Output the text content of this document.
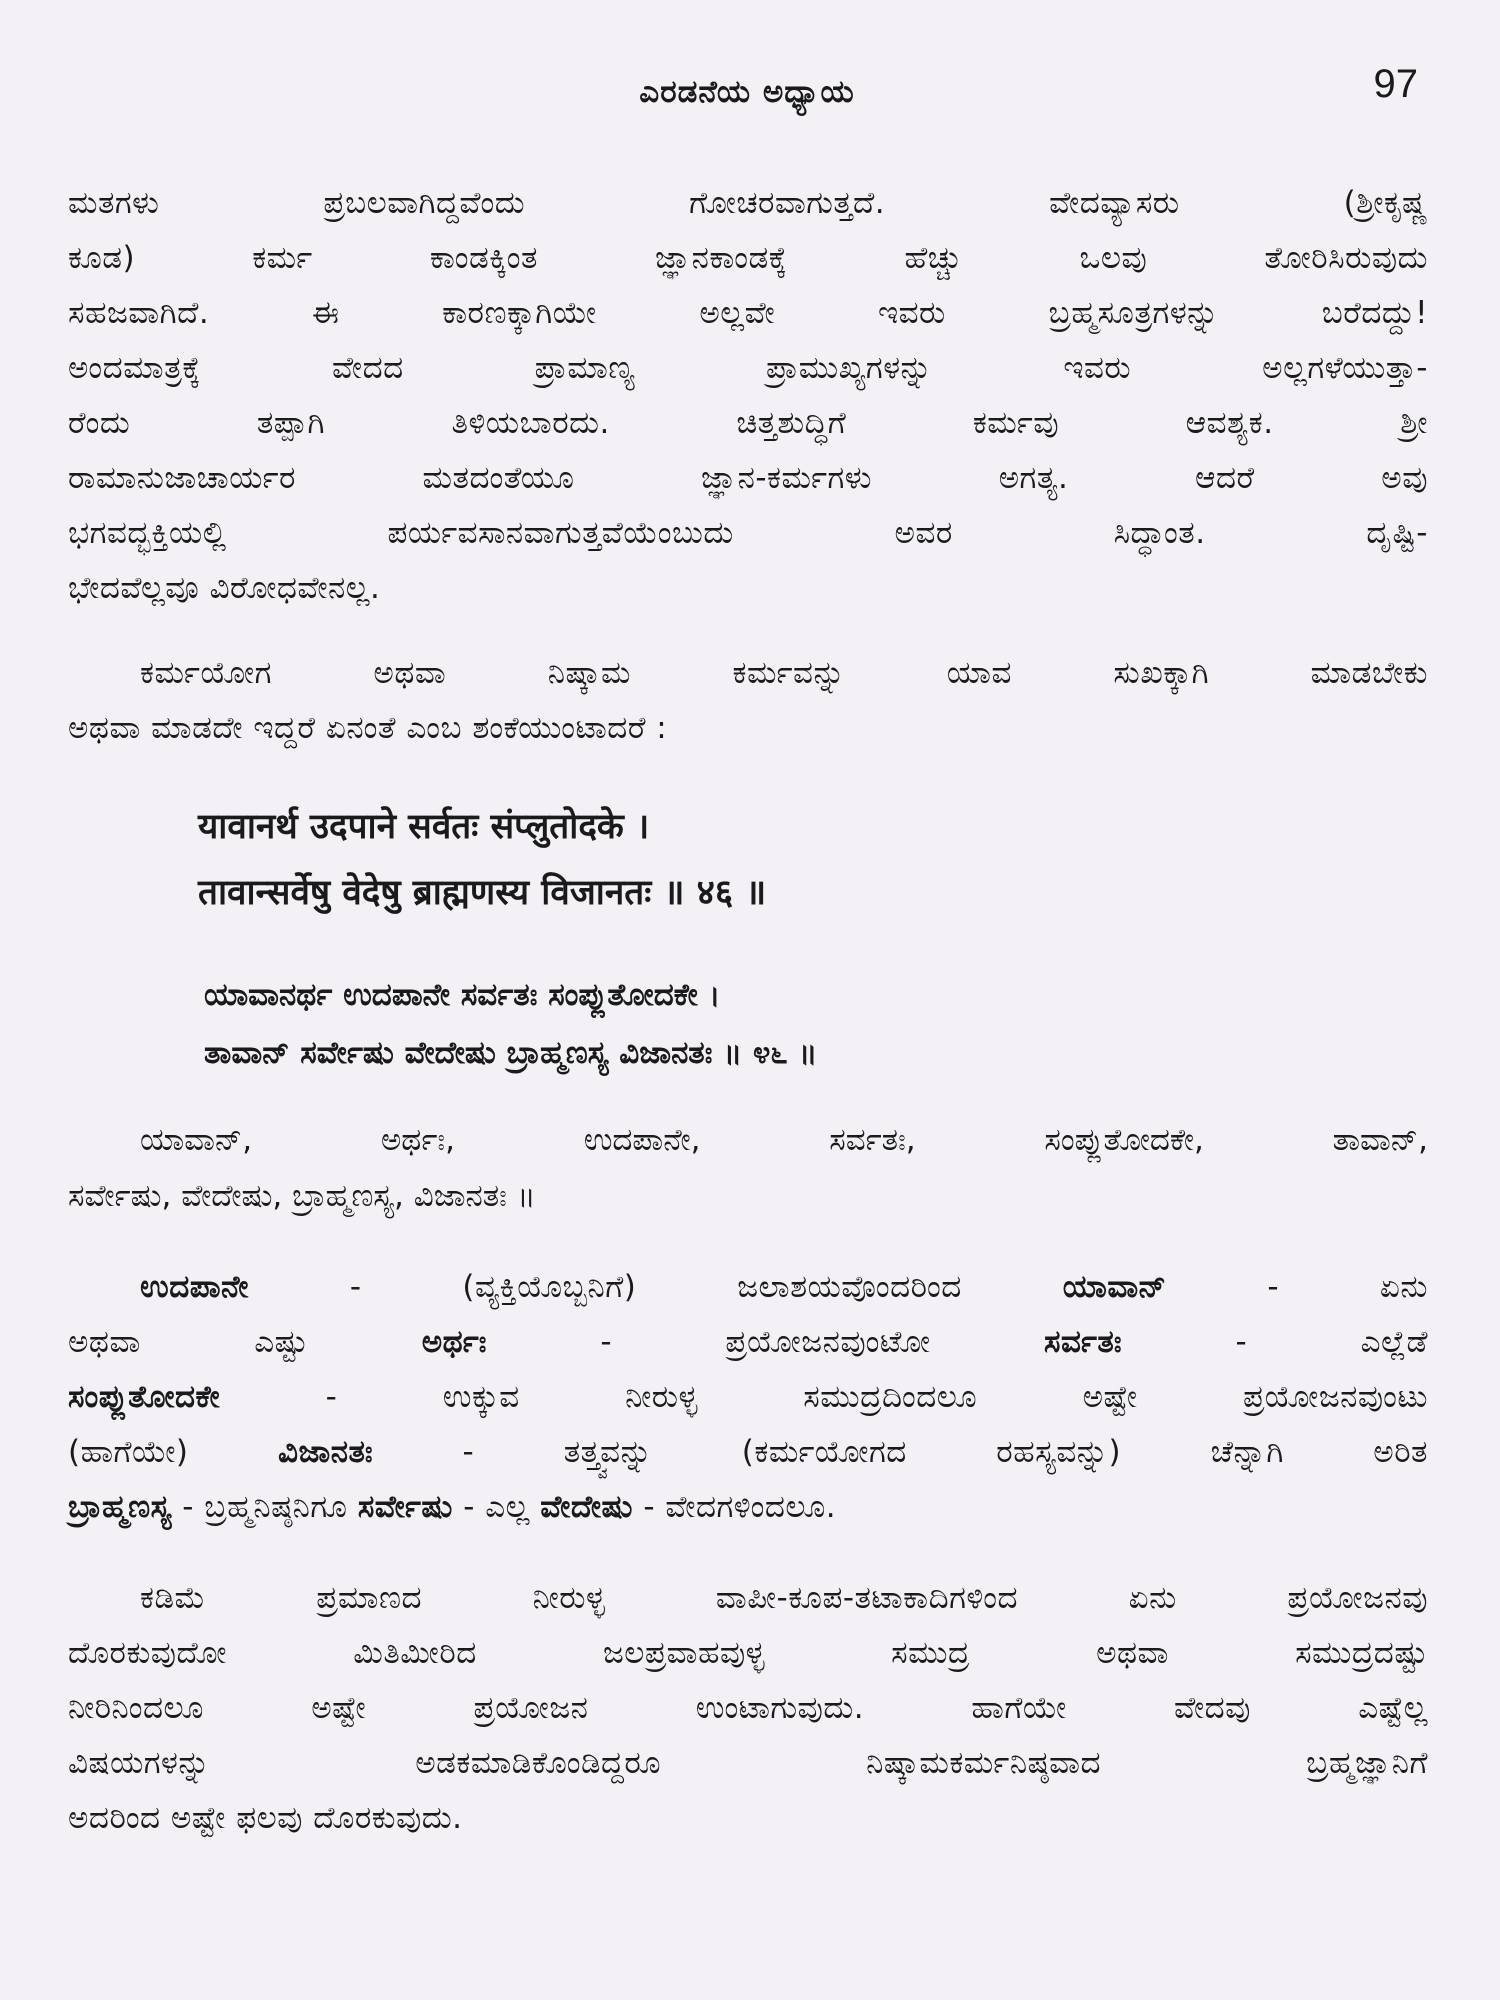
ಎರಡನೆಯ ಅಧ್ಯಾಯ	97

ಮತಗಳು ಪ್ರಬಲವಾಗಿದ್ದವೆಂದು ಗೋಚರವಾಗುತ್ತದೆ. ವೇದವ್ಯಾಸರು (ಶ್ರೀಕೃಷ್ಣ
ಕೂಡ) ಕರ್ಮ ಕಾಂಡಕ್ಕಿಂತ ಜ್ಞಾನಕಾಂಡಕ್ಕೆ ಹೆಚ್ಚು ಒಲವು ತೋರಿಸಿರುವುದು
ಸಹಜವಾಗಿದೆ. ಈ ಕಾರಣಕ್ಕಾಗಿಯೇ ಅಲ್ಲವೇ ಇವರು ಬ್ರಹ್ಮಸೂತ್ರಗಳನ್ನು ಬರೆದದ್ದು!
ಅಂದಮಾತ್ರಕ್ಕೆ ವೇದದ ಪ್ರಾಮಾಣ್ಯ ಪ್ರಾಮುಖ್ಯಗಳನ್ನು ಇವರು ಅಲ್ಲಗಳೆಯುತ್ತಾ-
ರೆಂದು ತಪ್ಪಾಗಿ ತಿಳಿಯಬಾರದು. ಚಿತ್ತಶುದ್ಧಿಗೆ ಕರ್ಮವು ಆವಶ್ಯಕ. ಶ್ರೀ
ರಾಮಾನುಜಾಚಾರ್ಯರ ಮತದಂತೆಯೂ ಜ್ಞಾನ-ಕರ್ಮಗಳು ಅಗತ್ಯ. ಆದರೆ ಅವು
ಭಗವದ್ಭಕ್ತಿಯಲ್ಲಿ ಪರ್ಯವಸಾನವಾಗುತ್ತವೆಯೆಂಬುದು ಅವರ ಸಿದ್ಧಾಂತ. ದೃಷ್ಟಿ-
ಭೇದವೆಲ್ಲವೂ ವಿರೋಧವೇನಲ್ಲ.

ಕರ್ಮಯೋಗ ಅಥವಾ ನಿಷ್ಕಾಮ ಕರ್ಮವನ್ನು ಯಾವ ಸುಖಕ್ಕಾಗಿ ಮಾಡಬೇಕು
ಅಥವಾ ಮಾಡದೇ ಇದ್ದರೆ ಏನಂತೆ ಎಂಬ ಶಂಕೆಯುಂಟಾದರೆ :

यावानर्थ उदपाने सर्वतः संप्लुतोदके ।
तावान्सर्वेषु वेदेषु ब्राह्मणस्य विजानतः ॥ ४६ ॥
ಯಾವಾನರ್ಥ ಉದಪಾನೇ ಸರ್ವತಃ ಸಂಪ್ಲುತೋದಕೇ ।
ತಾವಾನ್ ಸರ್ವೇಷು ವೇದೇಷು ಬ್ರಾಹ್ಮಣಸ್ಯ ವಿಜಾನತಃ ॥ ೪೬ ॥

ಯಾವಾನ್, ಅರ್ಥಃ, ಉದಪಾನೇ, ಸರ್ವತಃ, ಸಂಪ್ಲುತೋದಕೇ, ತಾವಾನ್,
ಸರ್ವೇಷು, ವೇದೇಷು, ಬ್ರಾಹ್ಮಣಸ್ಯ, ವಿಜಾನತಃ ॥

ಉದಪಾನೇ - (ವ್ಯಕ್ತಿಯೊಬ್ಬನಿಗೆ) ಜಲಾಶಯವೊಂದರಿಂದ ಯಾವಾನ್ - ಏನು
ಅಥವಾ ಎಷ್ಟು ಅರ್ಥಃ - ಪ್ರಯೋಜನವುಂಟೋ ಸರ್ವತಃ - ಎಲ್ಲೆಡೆ
ಸಂಪ್ಲುತೋದಕೇ - ಉಕ್ಕುವ ನೀರುಳ್ಳ ಸಮುದ್ರದಿಂದಲೂ ಅಷ್ಟೇ ಪ್ರಯೋಜನವುಂಟು
(ಹಾಗೆಯೇ) ವಿಜಾನತಃ - ತತ್ತ್ವವನ್ನು (ಕರ್ಮಯೋಗದ ರಹಸ್ಯವನ್ನು) ಚೆನ್ನಾಗಿ ಅರಿತ
ಬ್ರಾಹ್ಮಣಸ್ಯ - ಬ್ರಹ್ಮನಿಷ್ಠನಿಗೂ ಸರ್ವೇಷು - ಎಲ್ಲ ವೇದೇಷು - ವೇದಗಳಿಂದಲೂ.

ಕಡಿಮೆ ಪ್ರಮಾಣದ ನೀರುಳ್ಳ ವಾಪೀ-ಕೂಪ-ತಟಾಕಾದಿಗಳಿಂದ ಏನು ಪ್ರಯೋಜನವು
ದೊರಕುವುದೋ ಮಿತಿಮೀರಿದ ಜಲಪ್ರವಾಹವುಳ್ಳ ಸಮುದ್ರ ಅಥವಾ ಸಮುದ್ರದಷ್ಟು
ನೀರಿನಿಂದಲೂ ಅಷ್ಟೇ ಪ್ರಯೋಜನ ಉಂಟಾಗುವುದು. ಹಾಗೆಯೇ ವೇದವು ಎಷ್ಟೆಲ್ಲ
ವಿಷಯಗಳನ್ನು ಅಡಕಮಾಡಿಕೊಂಡಿದ್ದರೂ ನಿಷ್ಕಾಮಕರ್ಮನಿಷ್ಠವಾದ ಬ್ರಹ್ಮಜ್ಞಾನಿಗೆ
ಅದರಿಂದ ಅಷ್ಟೇ ಫಲವು ದೊರಕುವುದು.
